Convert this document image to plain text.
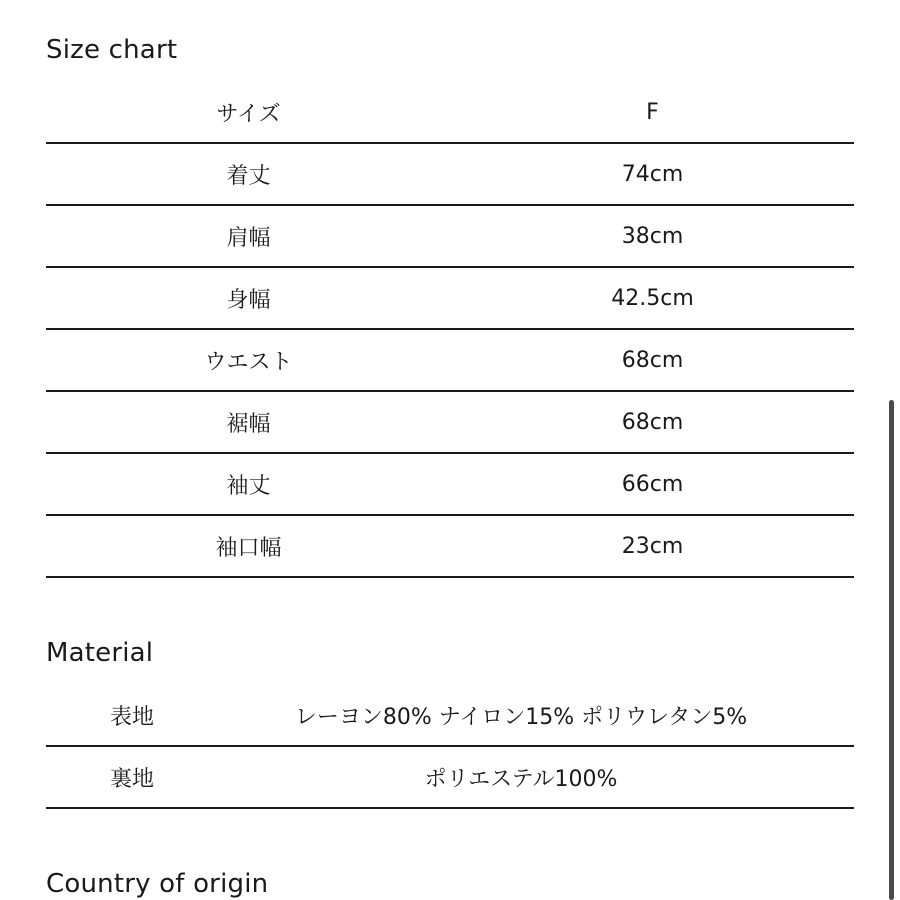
Size chart
サイズ	F
着丈	74cm
肩幅	38cm
身幅	42.5cm
ウエスト	68cm
裾幅	68cm
袖丈	66cm
袖口幅	23cm
Material
表地	レーヨン80% ナイロン15% ポリウレタン5%
裏地	ポリエステル100%
Country of origin
